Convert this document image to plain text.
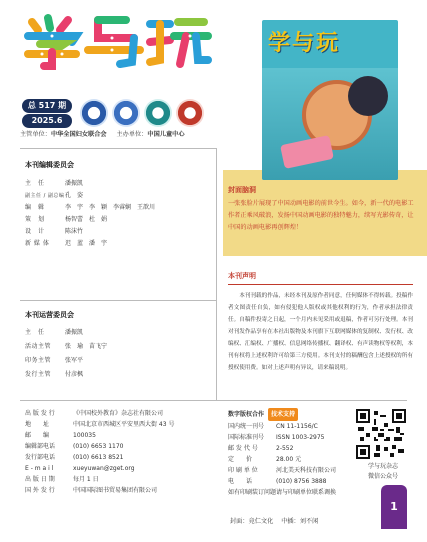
总 517 期
2025.6
主管单位：中华全国妇女联合会 主办单位：中国儿童中心
学与玩
封面脑洞
一张张脸片展现了中国动画电影的前世今生。如今，新一代的电影工作者正乘风破浪，发扬中国动画电影的独特魅力，续写光影传奇，让中国的动画电影再创辉煌！
本刊编辑委员会
主　任	潘振凯
副主任 / 副总编 孔　姿
编　辑	李　宇　李　颖　李睿娴　王歆川
策　划	杨智蕾　杜　娟
设　计	陈沫竹
新 媒 体	迟　蓝　潘　宇
本刊运营委员会
主　任	潘振凯
活动主管	张　瑜　苗飞宁
印务主管	张军平
发行主管	付彦枫
本刊声明
本刊刊载的作品，未经本刊及原作者同意，任何媒体不得转载。投稿作者文图责任自负，如有侵犯他人版权或其他权利的行为，作者承担法律责任。自稿件投寄之日起，一个月内未见采用或退稿，作者可另行处理。本刊对刊发作品享有在本社出版物及本刊旗下互联网媒体的复制权、发行权、改编权、汇编权、广播权、信息网络传播权、翻译权、有声读物权等权利，本刊有权将上述权利许可给第三方使用。本刊支付的稿酬包含上述授权的所有授权使用费。如对上述声明有异议，请来稿说明。
出 版 发 行	《中国校外教育》杂志社有限公司
地　　址	中国北京市西城区平安里西大街 43 号
邮　　编	100035
编辑部电话	(010) 6653 1170
发行部电话	(010) 6613 8521
E - m a i l	xueyuwan@zget.org
出 版 日 期	每月 1 日
国 外 发 行	中国国际图书贸易集团有限公司
数字版权合作	技术支持
国内统一刊号	CN 11-1156/C
国际标准刊号	ISSN 1003-2975
邮 发 代 号	2-552
定　　价	28.00 元
印 刷 单 位	河北美天科技有限公司
电　　话	(010) 8756 3888
如有印刷装订问题请与印刷单位联系调换
学与玩杂志
微信公众号
封面：竟仁文化 中插：刘不闲
1
